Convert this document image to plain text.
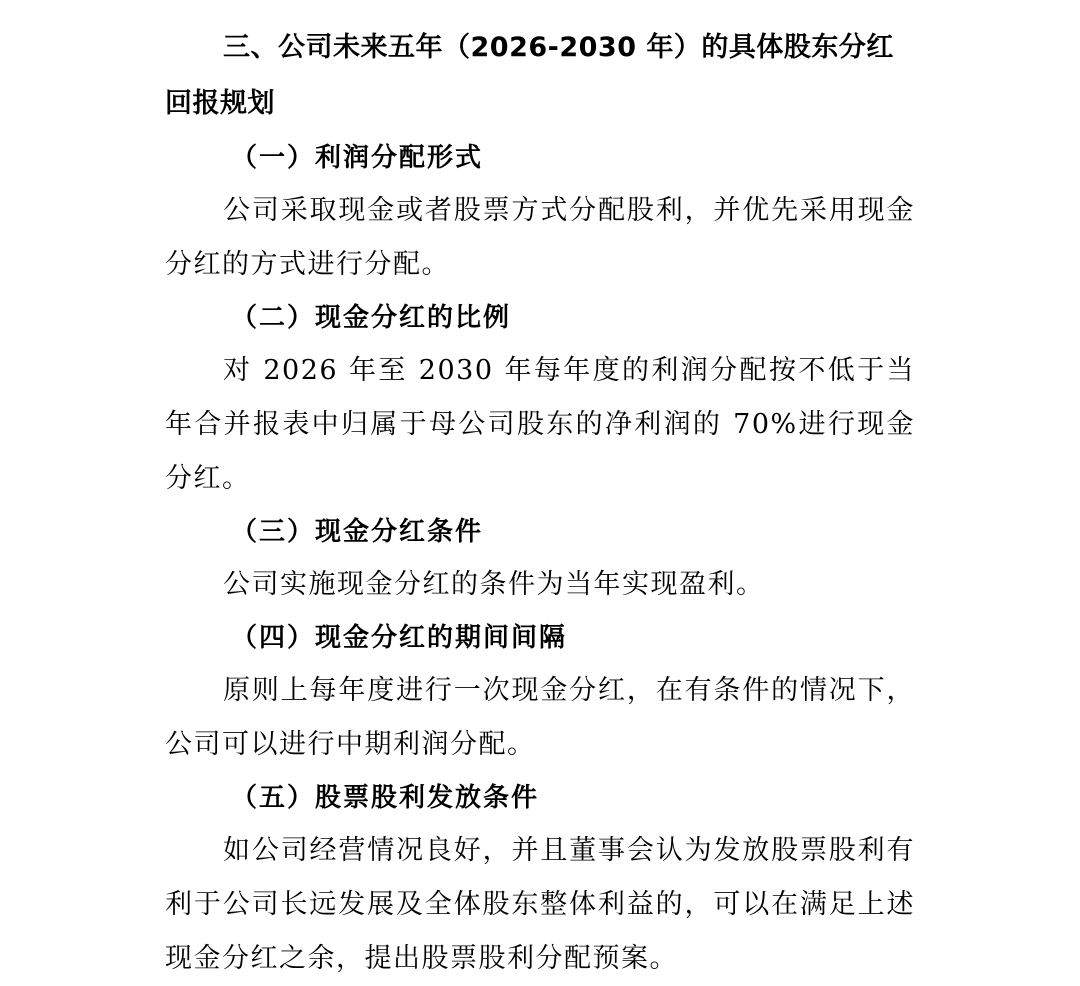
三、公司未来五年（2026-2030 年）的具体股东分红回报规划

（一）利润分配形式

公司采取现金或者股票方式分配股利，并优先采用现金分红的方式进行分配。

（二）现金分红的比例

对 2026 年至 2030 年每年度的利润分配按不低于当年合并报表中归属于母公司股东的净利润的 70%进行现金分红。

（三）现金分红条件

公司实施现金分红的条件为当年实现盈利。

（四）现金分红的期间间隔

原则上每年度进行一次现金分红，在有条件的情况下，公司可以进行中期利润分配。

（五）股票股利发放条件

如公司经营情况良好，并且董事会认为发放股票股利有利于公司长远发展及全体股东整体利益的，可以在满足上述现金分红之余，提出股票股利分配预案。
